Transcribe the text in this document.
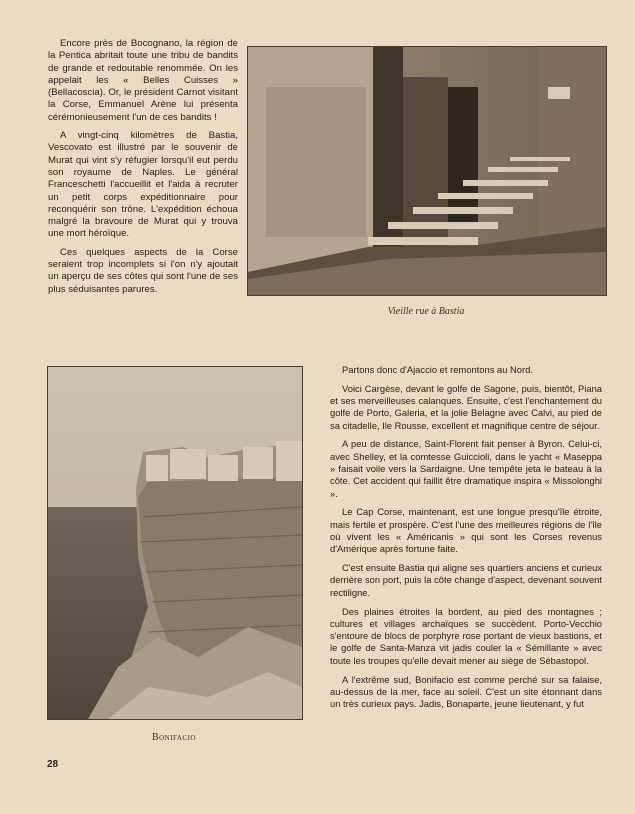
Encore près de Bocognano, la région de la Pentica abritait toute une tribu de bandits de grande et redoutable renommée. On les appelait les « Belles Cuisses » (Bellacoscia). Or, le président Carnot visitant la Corse, Emmanuel Arène lui présenta cérémonieusement l'un de ces bandits !

A vingt-cinq kilomètres de Bastia, Vescovato est illustré par le souvenir de Murat qui vint s'y réfugier lorsqu'il eut perdu son royaume de Naples. Le général Franceschetti l'accueillit et l'aida à recruter un petit corps expéditionnaire pour reconquérir son trône. L'expédition échoua malgré la bravoure de Murat qui y trouva une mort héroïque.

Ces quelques aspects de la Corse seraient trop incomplets si l'on n'y ajoutait un aperçu de ses côtes qui sont l'une de ses plus séduisantes parures.

Vieille rue à Bastia
Bonifacio

Partons donc d'Ajaccio et remontons au Nord.

Voici Cargèse, devant le golfe de Sagone, puis, bientôt, Piana et ses merveilleuses calanques. Ensuite, c'est l'enchantement du golfe de Porto, Galeria, et la jolie Belagne avec Calvi, au pied de sa citadelle, Ile Rousse, excellent et magnifique centre de séjour.

A peu de distance, Saint-Florent fait penser à Byron. Celui-ci, avec Shelley, et la comtesse Guiccioli, dans le yacht « Maseppa » faisait voile vers la Sardaigne. Une tempête jeta le bateau à la côte. Cet accident qui faillit être dramatique inspira « Missolonghi ».

Le Cap Corse, maintenant, est une longue presqu'île étroite, mais fertile et prospère. C'est l'une des meilleures régions de l'île où vivent les « Américanis » qui sont les Corses revenus d'Amérique après fortune faite.

C'est ensuite Bastia qui aligne ses quartiers anciens et curieux derrière son port, puis la côte change d'aspect, devenant souvent rectiligne.

Des plaines étroites la bordent, au pied des montagnes ; cultures et villages archaïques se succèdent. Porto-Vecchio s'entoure de blocs de porphyre rose portant de vieux bastions, et le golfe de Santa-Manza vit jadis couler la « Sémillante » avec toute les troupes qu'elle devait mener au siège de Sébastopol.

A l'extrême sud, Bonifacio est comme perché sur sa falaise, au-dessus de la mer, face au soleil. C'est un site étonnant dans un très curieux pays. Jadis, Bonaparte, jeune lieutenant, y fut

28
